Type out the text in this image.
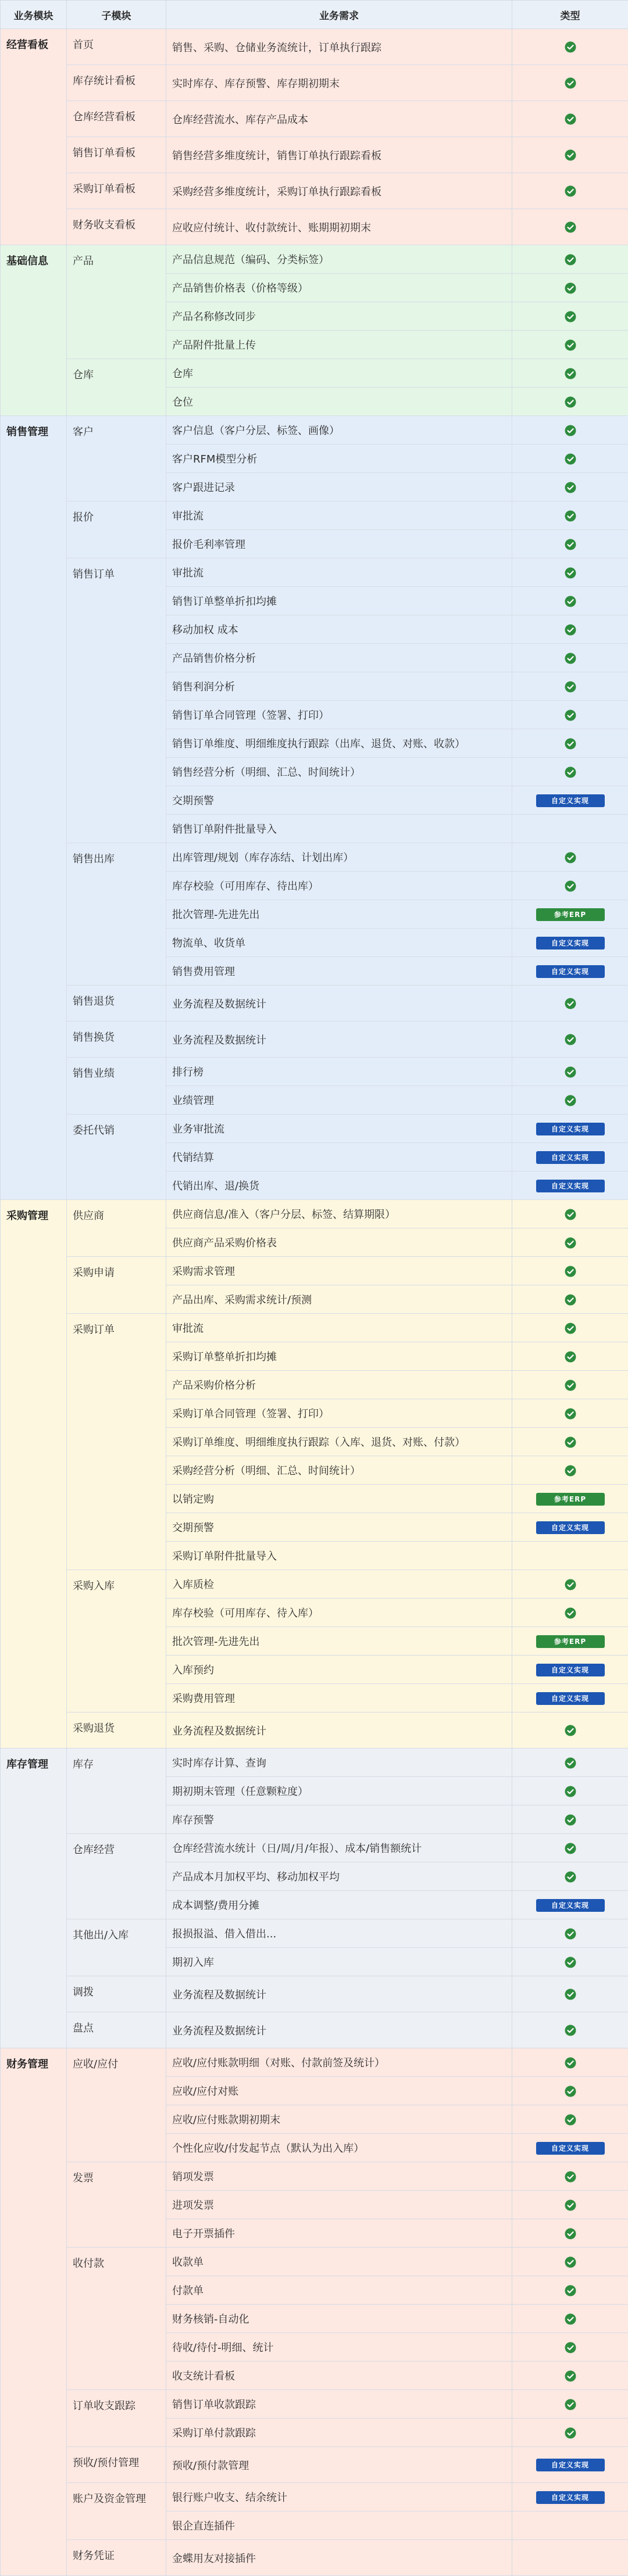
业务模块	子模块	业务需求	类型
经营看板	首页	销售、采购、仓储业务流统计，订单执行跟踪	
	库存统计看板	实时库存、库存预警、库存期初期末	
	仓库经营看板	仓库经营流水、库存产品成本	
	销售订单看板	销售经营多维度统计，销售订单执行跟踪看板	
	采购订单看板	采购经营多维度统计，采购订单执行跟踪看板	
	财务收支看板	应收应付统计、收付款统计、账期期初期末	
基础信息	产品	产品信息规范（编码、分类标签）	
		产品销售价格表（价格等级）	
		产品名称修改同步	
		产品附件批量上传	
	仓库	仓库	
		仓位	
销售管理	客户	客户信息（客户分层、标签、画像）	
		客户RFM模型分析	
		客户跟进记录	
	报价	审批流	
		报价毛利率管理	
	销售订单	审批流	
		销售订单整单折扣均摊	
		移动加权 成本	
		产品销售价格分析	
		销售利润分析	
		销售订单合同管理（签署、打印）	
		销售订单维度、明细维度执行跟踪（出库、退货、对账、收款）	
		销售经营分析（明细、汇总、时间统计）	
		交期预警	自定义实现
		销售订单附件批量导入	
	销售出库	出库管理/规划（库存冻结、计划出库）	
		库存校验（可用库存、待出库）	
		批次管理-先进先出	参考ERP
		物流单、收货单	自定义实现
		销售费用管理	自定义实现
	销售退货	业务流程及数据统计	
	销售换货	业务流程及数据统计	
	销售业绩	排行榜	
		业绩管理	
	委托代销	业务审批流	自定义实现
		代销结算	自定义实现
		代销出库、退/换货	自定义实现
采购管理	供应商	供应商信息/准入（客户分层、标签、结算期限）	
		供应商产品采购价格表	
	采购申请	采购需求管理	
		产品出库、采购需求统计/预测	
	采购订单	审批流	
		采购订单整单折扣均摊	
		产品采购价格分析	
		采购订单合同管理（签署、打印）	
		采购订单维度、明细维度执行跟踪（入库、退货、对账、付款）	
		采购经营分析（明细、汇总、时间统计）	
		以销定购	参考ERP
		交期预警	自定义实现
		采购订单附件批量导入	
	采购入库	入库质检	
		库存校验（可用库存、待入库）	
		批次管理-先进先出	参考ERP
		入库预约	自定义实现
		采购费用管理	自定义实现
	采购退货	业务流程及数据统计	
库存管理	库存	实时库存计算、查询	
		期初期末管理（任意颗粒度）	
		库存预警	
	仓库经营	仓库经营流水统计（日/周/月/年报）、成本/销售额统计	
		产品成本月加权平均、移动加权平均	
		成本调整/费用分摊	自定义实现
	其他出/入库	报损报溢、借入借出...	
		期初入库	
	调拨	业务流程及数据统计	
	盘点	业务流程及数据统计	
财务管理	应收/应付	应收/应付账款明细（对账、付款前签及统计）	
		应收/应付对账	
		应收/应付账款期初期末	
		个性化应收/付发起节点（默认为出入库）	自定义实现
	发票	销项发票	
		进项发票	
		电子开票插件	
	收付款	收款单	
		付款单	
		财务核销-自动化	
		待收/待付-明细、统计	
		收支统计看板	
	订单收支跟踪	销售订单收款跟踪	
		采购订单付款跟踪	
	预收/预付管理	预收/预付款管理	自定义实现
	账户及资金管理	银行账户收支、结余统计	自定义实现
		银企直连插件	
	财务凭证	金蝶用友对接插件	
